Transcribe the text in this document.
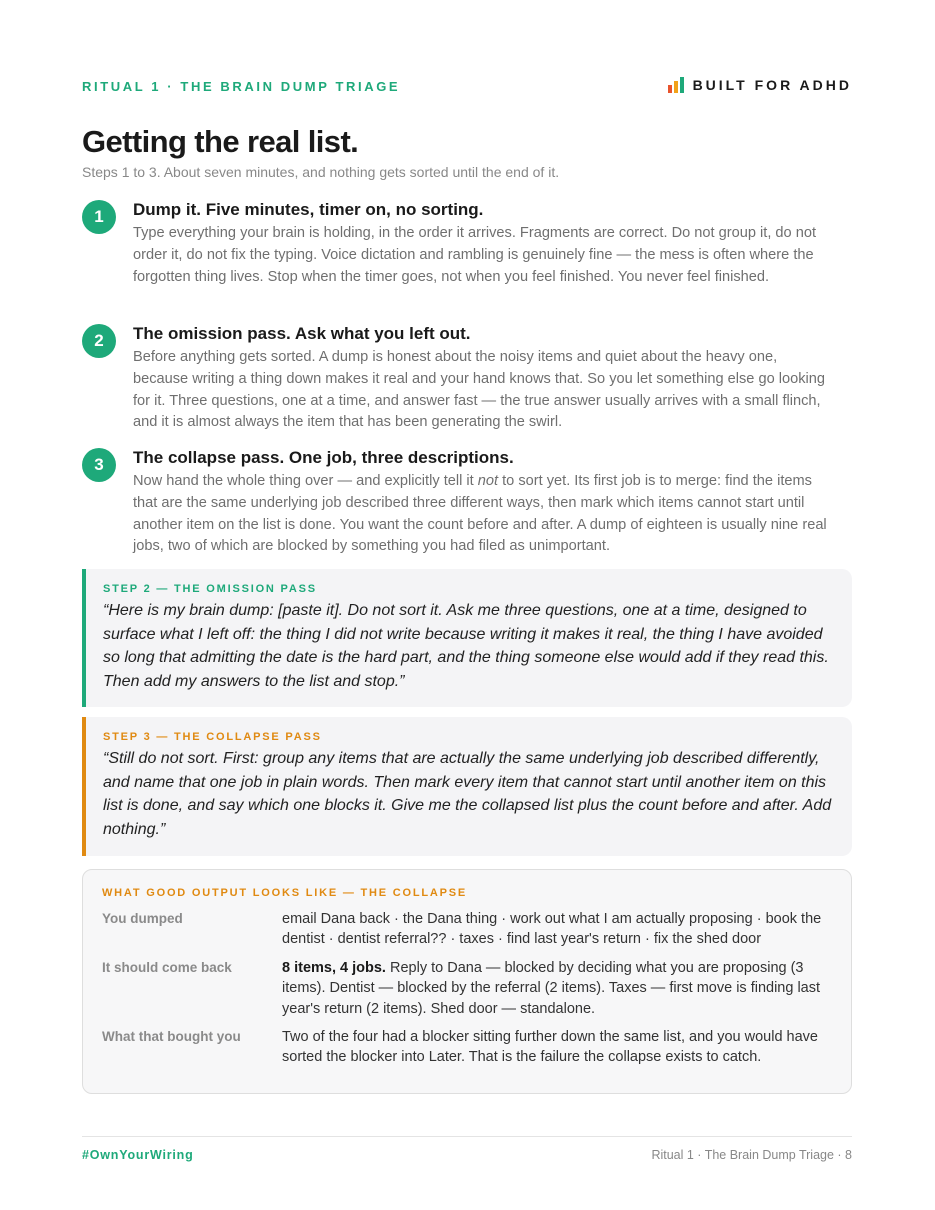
RITUAL 1 · THE BRAIN DUMP TRIAGE	BUILT FOR ADHD
Getting the real list.
Steps 1 to 3. About seven minutes, and nothing gets sorted until the end of it.
1	Dump it. Five minutes, timer on, no sorting.
Type everything your brain is holding, in the order it arrives. Fragments are correct. Do not group it, do not order it, do not fix the typing. Voice dictation and rambling is genuinely fine — the mess is often where the forgotten thing lives. Stop when the timer goes, not when you feel finished. You never feel finished.
2	The omission pass. Ask what you left out.
Before anything gets sorted. A dump is honest about the noisy items and quiet about the heavy one, because writing a thing down makes it real and your hand knows that. So you let something else go looking for it. Three questions, one at a time, and answer fast — the true answer usually arrives with a small flinch, and it is almost always the item that has been generating the swirl.
3	The collapse pass. One job, three descriptions.
Now hand the whole thing over — and explicitly tell it not to sort yet. Its first job is to merge: find the items that are the same underlying job described three different ways, then mark which items cannot start until another item on the list is done. You want the count before and after. A dump of eighteen is usually nine real jobs, two of which are blocked by something you had filed as unimportant.
STEP 2 — THE OMISSION PASS
“Here is my brain dump: [paste it]. Do not sort it. Ask me three questions, one at a time, designed to surface what I left off: the thing I did not write because writing it makes it real, the thing I have avoided so long that admitting the date is the hard part, and the thing someone else would add if they read this. Then add my answers to the list and stop.”
STEP 3 — THE COLLAPSE PASS
“Still do not sort. First: group any items that are actually the same underlying job described differently, and name that one job in plain words. Then mark every item that cannot start until another item on this list is done, and say which one blocks it. Give me the collapsed list plus the count before and after. Add nothing.”
WHAT GOOD OUTPUT LOOKS LIKE — THE COLLAPSE
You dumped	email Dana back · the Dana thing · work out what I am actually proposing · book the dentist · dentist referral?? · taxes · find last year's return · fix the shed door
It should come back	8 items, 4 jobs. Reply to Dana — blocked by deciding what you are proposing (3 items). Dentist — blocked by the referral (2 items). Taxes — first move is finding last year's return (2 items). Shed door — standalone.
What that bought you	Two of the four had a blocker sitting further down the same list, and you would have sorted the blocker into Later. That is the failure the collapse exists to catch.
#OwnYourWiring	Ritual 1 · The Brain Dump Triage · 8
